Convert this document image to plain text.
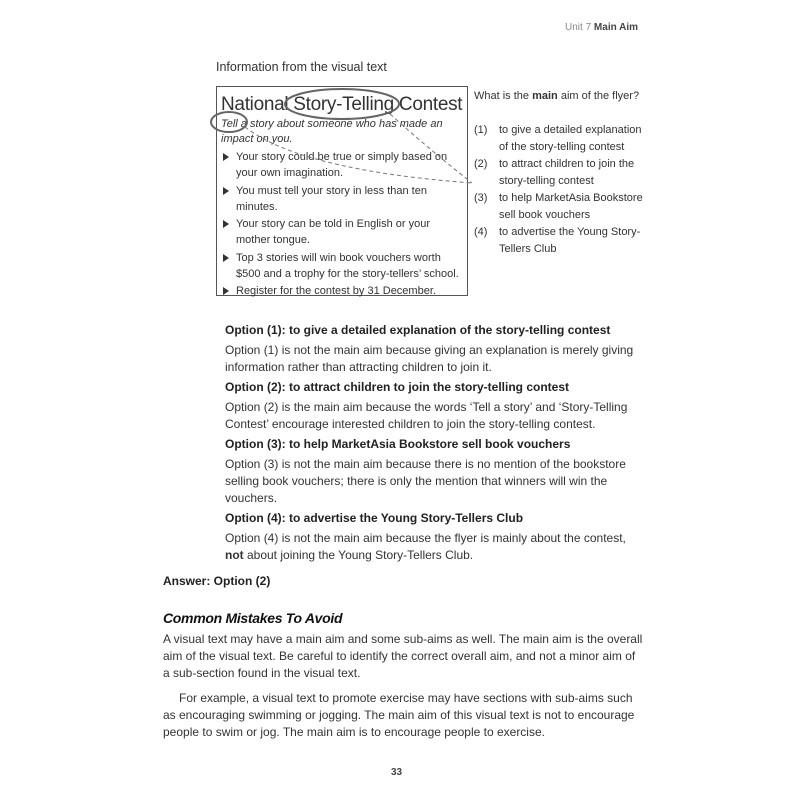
Unit 7 Main Aim
Information from the visual text
National Story-Telling Contest
Tell a story about someone who has made an impact on you.
Your story could be true or simply based on your own imagination.
You must tell your story in less than ten minutes.
Your story can be told in English or your mother tongue.
Top 3 stories will win book vouchers worth $500 and a trophy for the story-tellers’ school.
Register for the contest by 31 December.
What is the main aim of the flyer?
(1) to give a detailed explanation of the story-telling contest
(2) to attract children to join the story-telling contest
(3) to help MarketAsia Bookstore sell book vouchers
(4) to advertise the Young Story-Tellers Club
Option (1): to give a detailed explanation of the story-telling contest
Option (1) is not the main aim because giving an explanation is merely giving information rather than attracting children to join it.
Option (2): to attract children to join the story-telling contest
Option (2) is the main aim because the words ‘Tell a story’ and ‘Story-Telling Contest’ encourage interested children to join the story-telling contest.
Option (3): to help MarketAsia Bookstore sell book vouchers
Option (3) is not the main aim because there is no mention of the bookstore selling book vouchers; there is only the mention that winners will win the vouchers.
Option (4): to advertise the Young Story-Tellers Club
Option (4) is not the main aim because the flyer is mainly about the contest, not about joining the Young Story-Tellers Club.
Answer: Option (2)
Common Mistakes To Avoid
A visual text may have a main aim and some sub-aims as well. The main aim is the overall aim of the visual text. Be careful to identify the correct overall aim, and not a minor aim of a sub-section found in the visual text.
For example, a visual text to promote exercise may have sections with sub-aims such as encouraging swimming or jogging. The main aim of this visual text is not to encourage people to swim or jog. The main aim is to encourage people to exercise.
33
